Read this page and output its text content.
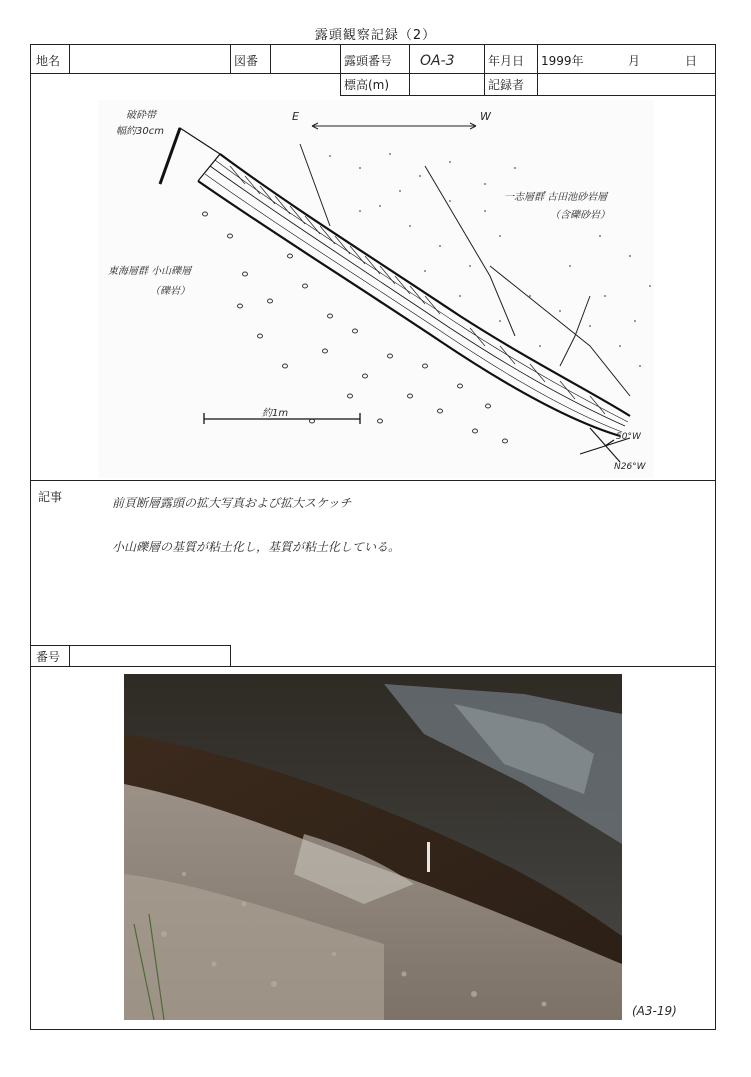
露頭観察記録（2）
地名	図番	露頭番号 OA-3	年月日 1999年	月	日
標高(m)	記録者
破砕帯
幅約30cm
E	W
一志層群 古田池砂岩層
（含礫砂岩）
東海層群 小山礫層
（礫岩）
約1m
50°W
N26°W
記事	前頁断層露頭の拡大写真および拡大スケッチ
小山礫層の基質が粘土化し，基質が粘土化している。
番号
(A3-19)
